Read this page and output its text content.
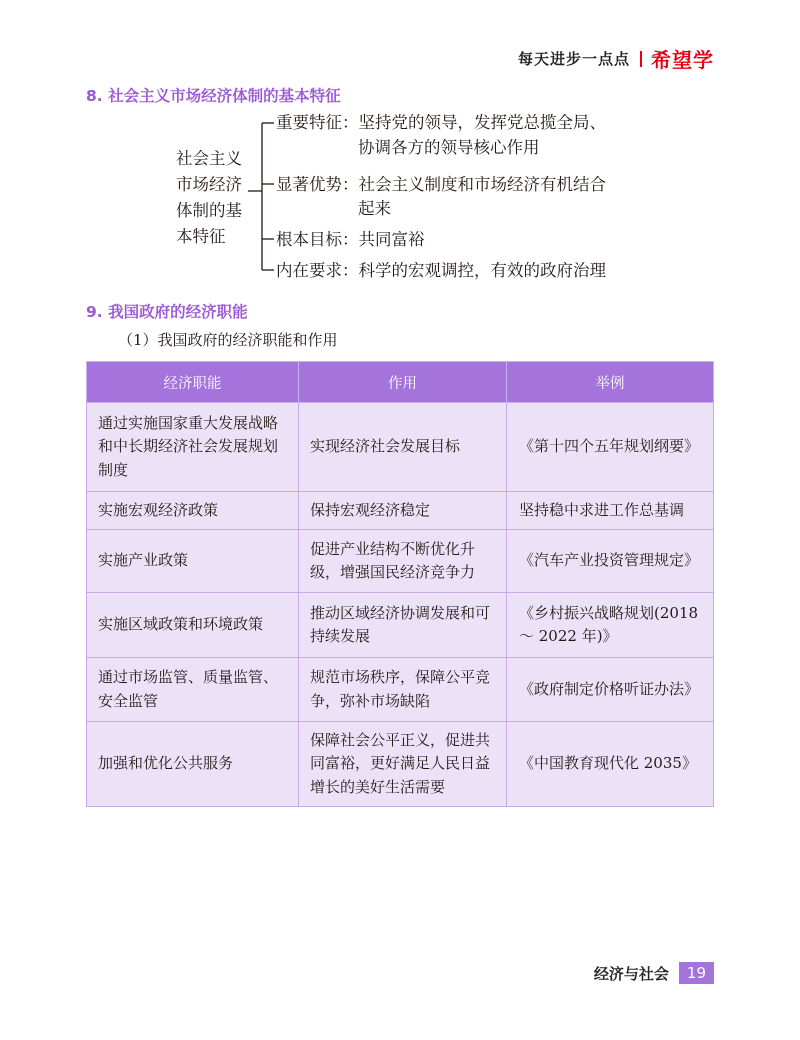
每天进步一点点 希望学
8. 社会主义市场经济体制的基本特征
社会主义
市场经济
体制的基
本特征
重要特征：坚持党的领导，发挥党总揽全局、
协调各方的领导核心作用
显著优势：社会主义制度和市场经济有机结合
起来
根本目标：共同富裕
内在要求：科学的宏观调控，有效的政府治理
9. 我国政府的经济职能
（1）我国政府的经济职能和作用
经济职能	作用	举例
通过实施国家重大发展战略和中长期经济社会发展规划制度	实现经济社会发展目标	《第十四个五年规划纲要》
实施宏观经济政策	保持宏观经济稳定	坚持稳中求进工作总基调
实施产业政策	促进产业结构不断优化升级，增强国民经济竞争力	《汽车产业投资管理规定》
实施区域政策和环境政策	推动区域经济协调发展和可持续发展	《乡村振兴战略规划(2018 ～ 2022 年)》
通过市场监管、质量监管、安全监管	规范市场秩序，保障公平竞争，弥补市场缺陷	《政府制定价格听证办法》
加强和优化公共服务	保障社会公平正义，促进共同富裕，更好满足人民日益增长的美好生活需要	《中国教育现代化 2035》
经济与社会	19
